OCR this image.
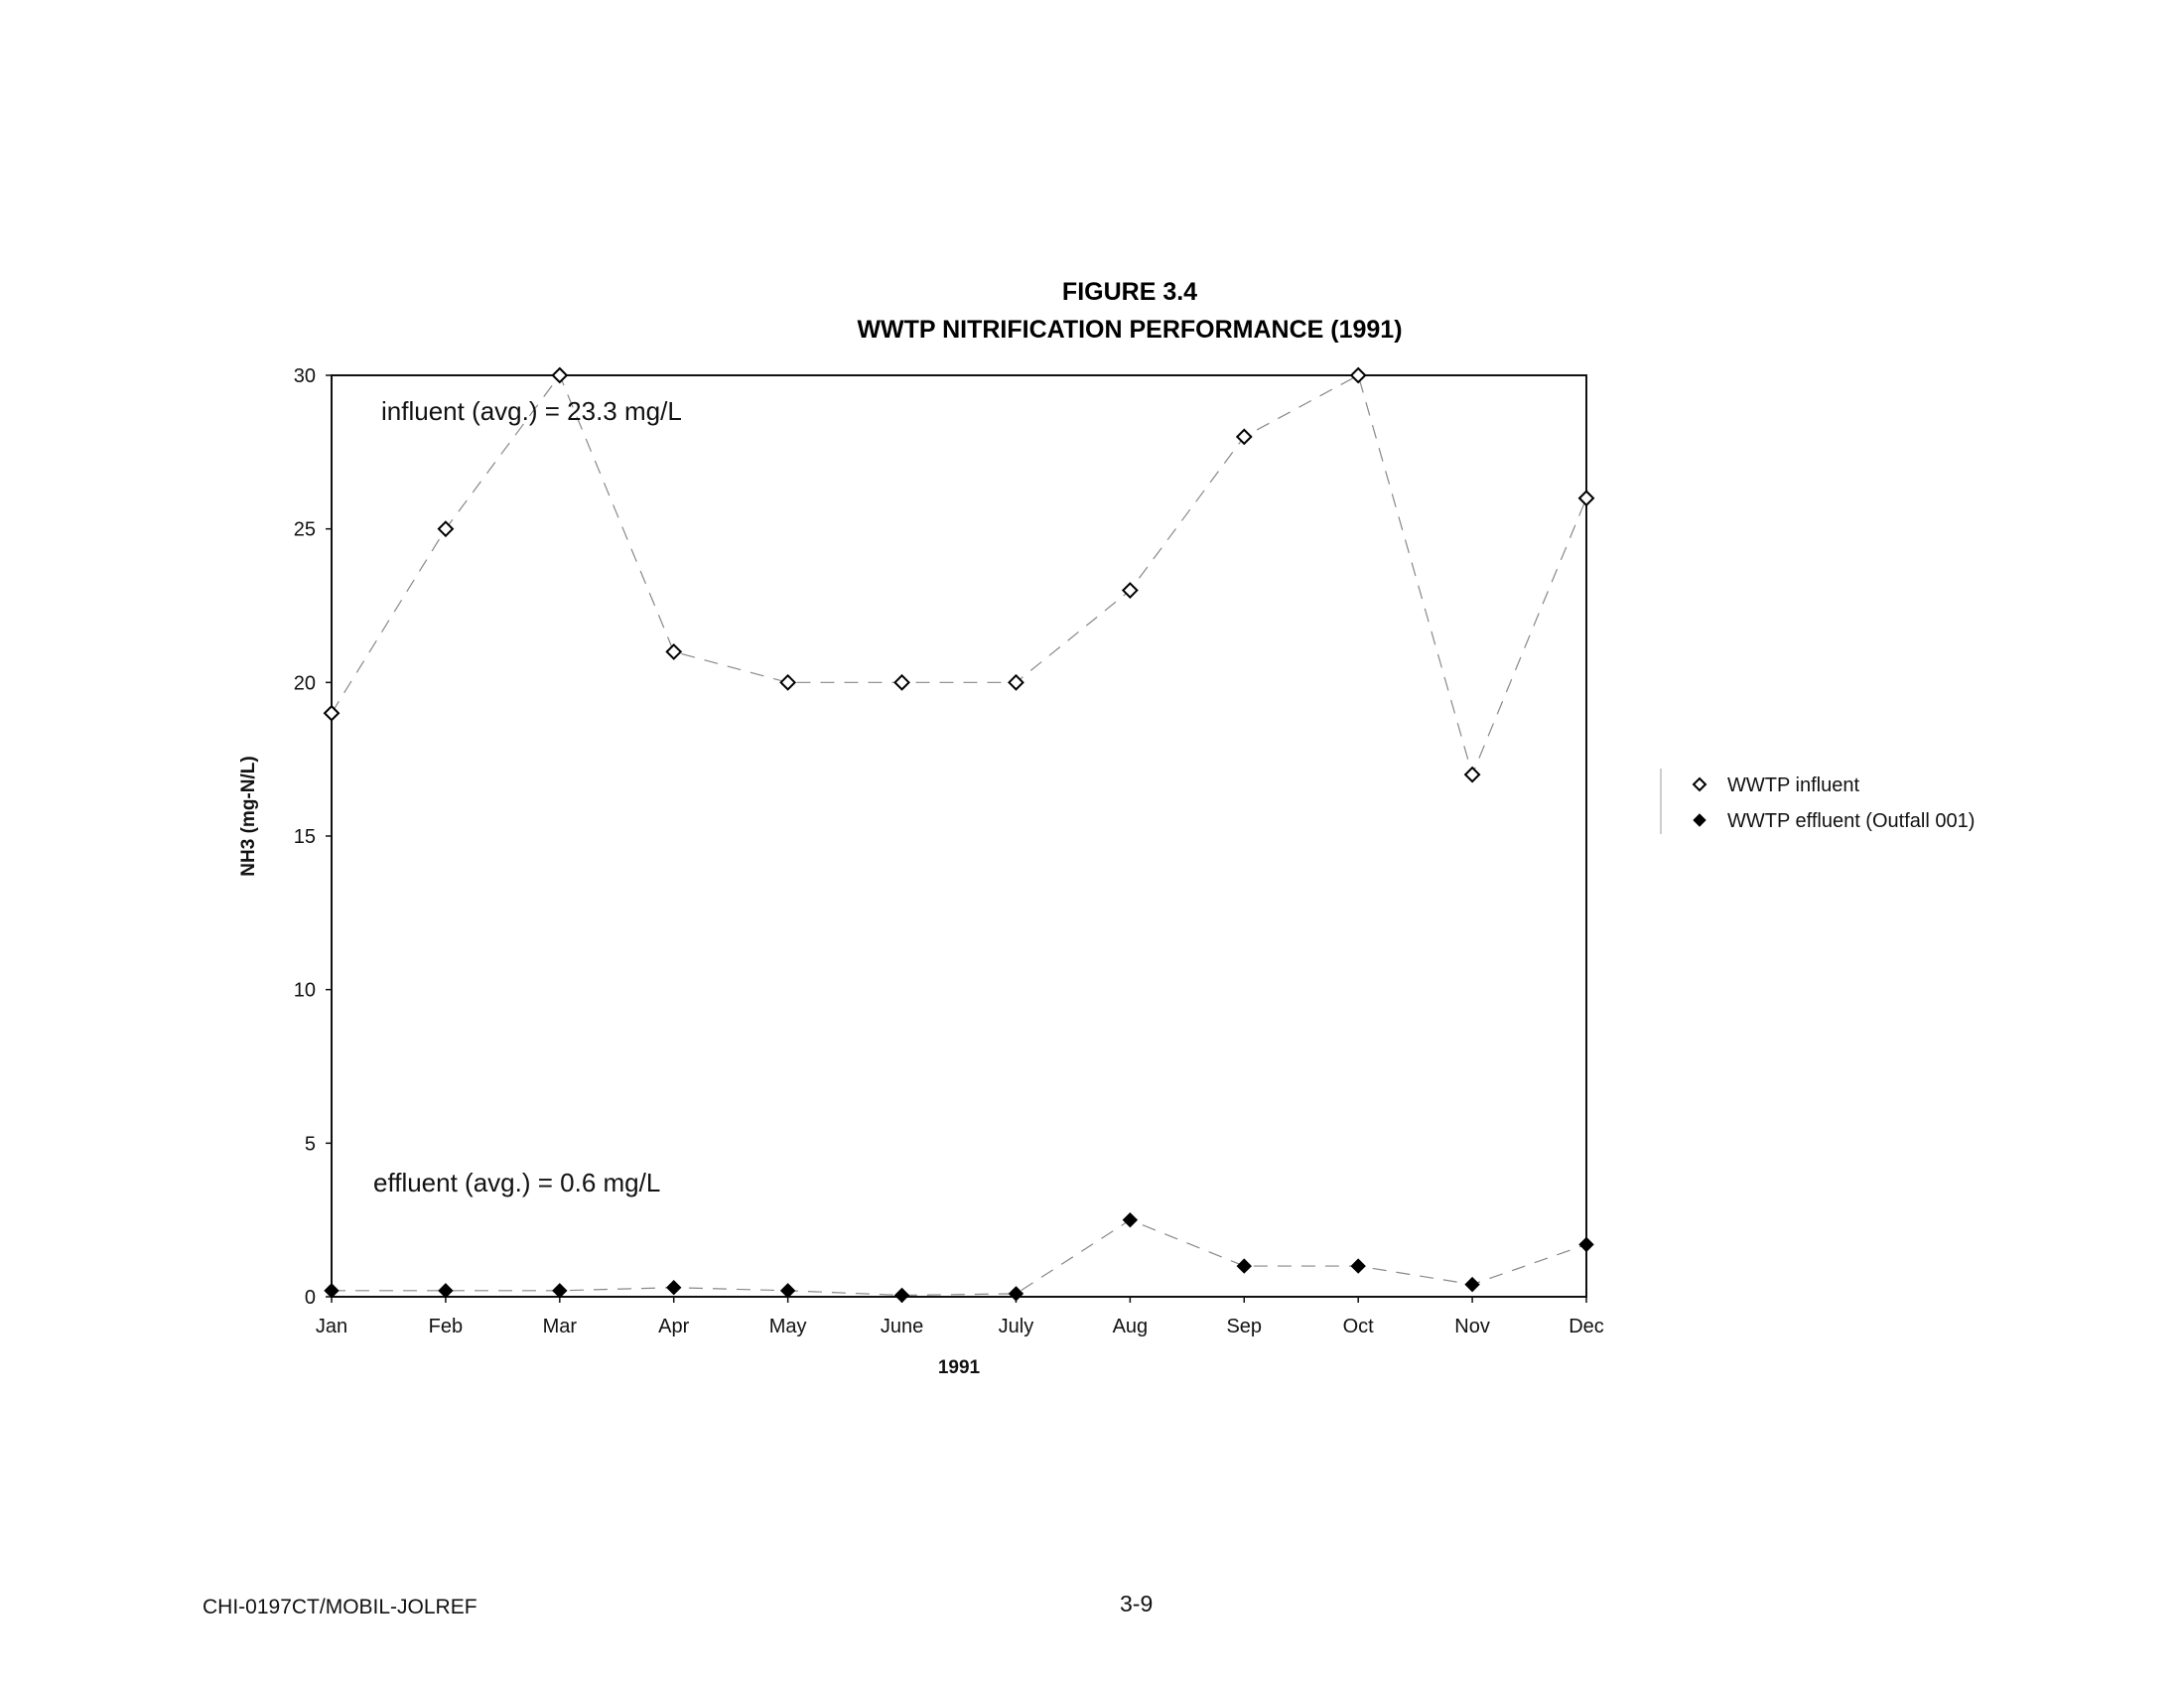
FIGURE 3.4
WWTP NITRIFICATION PERFORMANCE (1991)
0
5
10
15
20
25
30
Jan	Feb	Mar	Apr	May	June	July	Aug	Sep	Oct	Nov	Dec
NH3 (mg-N/L)
1991
influent (avg.) = 23.3 mg/L
effluent (avg.) = 0.6 mg/L
WWTP influent
WWTP effluent (Outfall 001)
CHI-0197CT/MOBIL-JOLREF	3-9
